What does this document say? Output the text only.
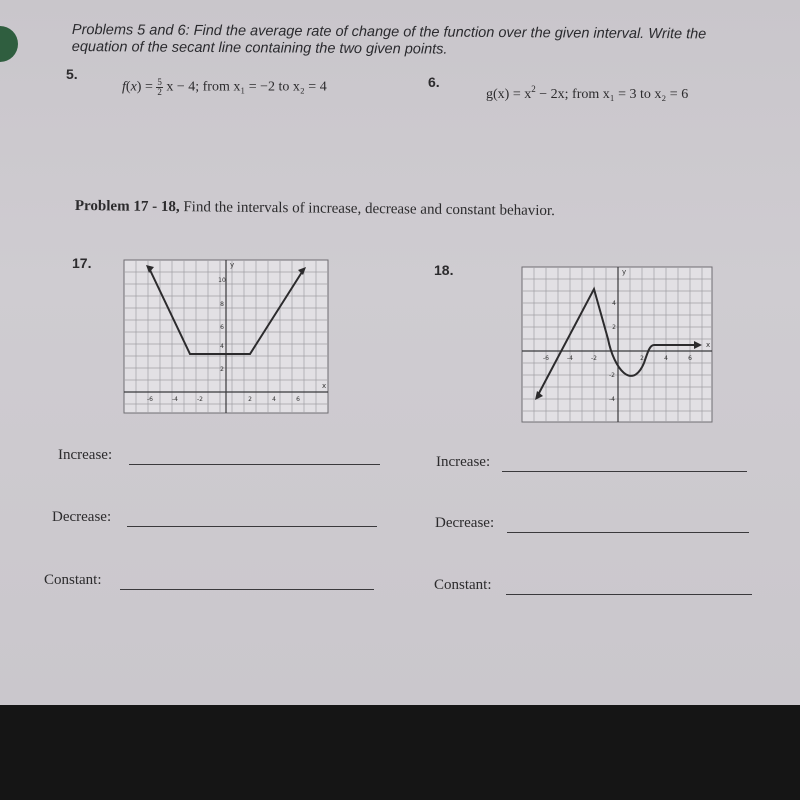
Problems 5 and 6: Find the average rate of change of the function over the given interval. Write the equation of the secant line containing the two given points.
5.
$f(x) = \frac{5}{2}$ x − 4; from x₁ = −2 to x₂ = 4	6.
$g(x) = x^2 - 2x$; from x₁ = 3 to x₂ = 6
Problem 17 - 18, Find the intervals of increase, decrease and constant behavior.
17.
x
y
-6	-4	-2	2	4	6
10
8
6
4
2
18.
x
y
-6	-4	-2	2	4	6
4
2
-2
-4
Increase:
Decrease:
Constant:
Increase:
Decrease:
Constant:
